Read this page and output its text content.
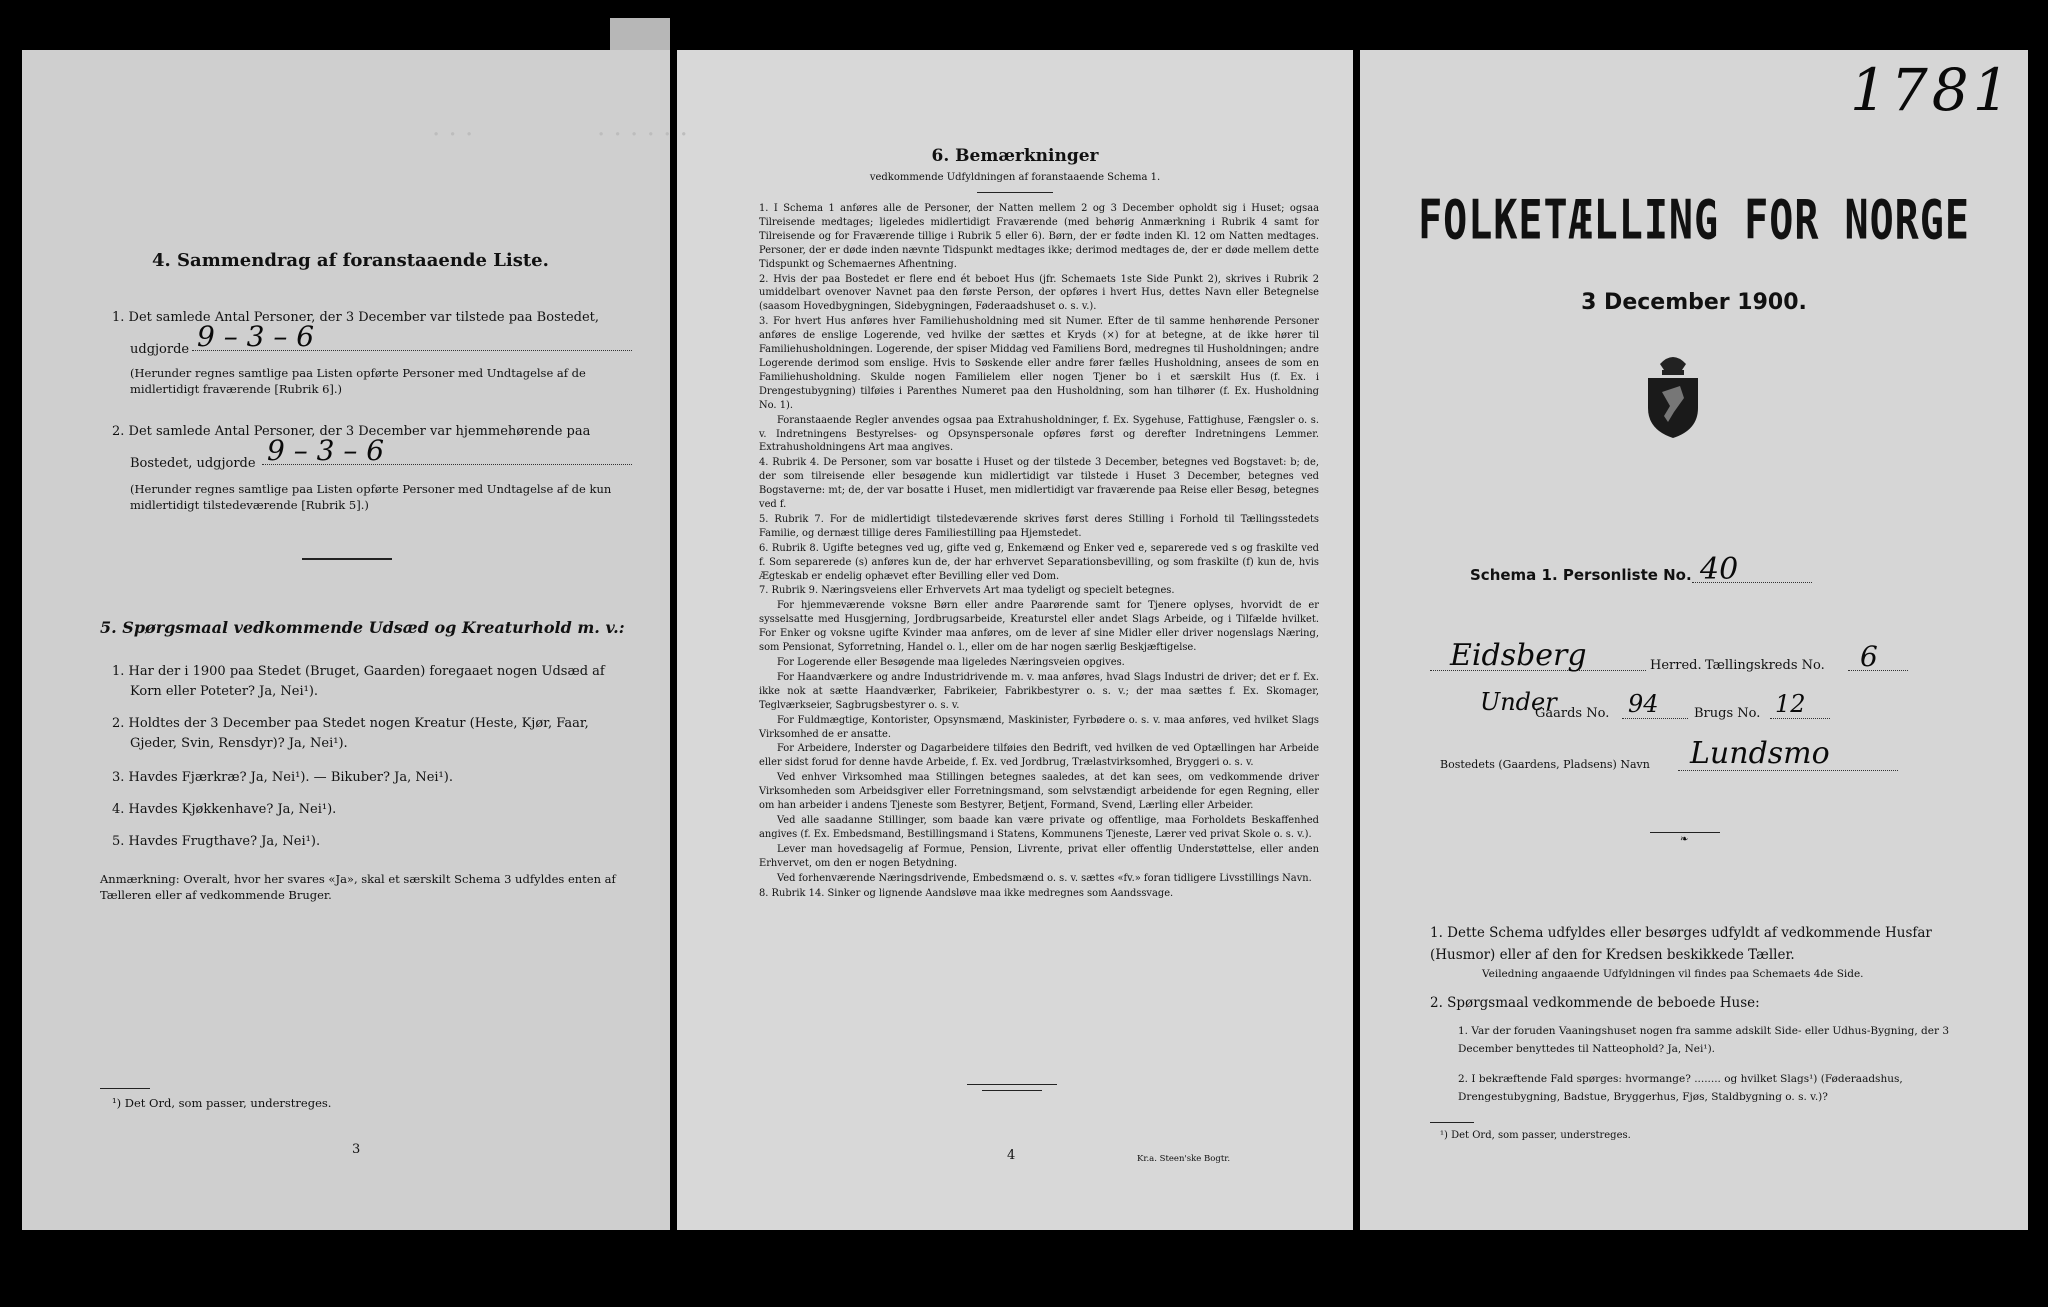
· · ·
4. Sammendrag af foranstaaende Liste.
1. Det samlede Antal Personer, der 3 December var tilstede paa Bostedet,
udgjorde 9 – 3 – 6
(Herunder regnes samtlige paa Listen opførte Personer med Undtagelse af de midlertidigt fraværende [Rubrik 6].)
2. Det samlede Antal Personer, der 3 December var hjemmehørende paa
Bostedet, udgjorde 9 – 3 – 6
(Herunder regnes samtlige paa Listen opførte Personer med Undtagelse af de kun midlertidigt tilstedeværende [Rubrik 5].)
5. Spørgsmaal vedkommende Udsæd og Kreaturhold m. v.:
1. Har der i 1900 paa Stedet (Bruget, Gaarden) foregaaet nogen Udsæd af
Korn eller Poteter? Ja, Nei¹).
2. Holdtes der 3 December paa Stedet nogen Kreatur (Heste, Kjør, Faar,
Gjeder, Svin, Rensdyr)? Ja, Nei¹).
3. Havdes Fjærkræ? Ja, Nei¹). — Bikuber? Ja, Nei¹).
4. Havdes Kjøkkenhave? Ja, Nei¹).
5. Havdes Frugthave? Ja, Nei¹).
Anmærkning: Overalt, hvor her svares «Ja», skal et særskilt Schema 3 udfyldes enten af Tælleren eller af vedkommende Bruger.
¹) Det Ord, som passer, understreges.
3
· · · · · ·
6. Bemærkninger
vedkommende Udfyldningen af foranstaaende Schema 1.
1. I Schema 1 anføres alle de Personer, der Natten mellem 2 og 3 December opholdt sig i Huset; ogsaa Tilreisende medtages; ligeledes midlertidigt Fraværende (med behørig Anmærkning i Rubrik 4 samt for Tilreisende og for Fraværende tillige i Rubrik 5 eller 6). Børn, der er fødte inden Kl. 12 om Natten medtages. Personer, der er døde inden nævnte Tidspunkt medtages ikke; derimod medtages de, der er døde mellem dette Tidspunkt og Schemaernes Afhentning.
2. Hvis der paa Bostedet er flere end ét beboet Hus (jfr. Schemaets 1ste Side Punkt 2), skrives i Rubrik 2 umiddelbart ovenover Navnet paa den første Person, der opføres i hvert Hus, dettes Navn eller Betegnelse (saasom Hovedbygningen, Sidebygningen, Føderaadshuset o. s. v.).
3. For hvert Hus anføres hver Familiehusholdning med sit Numer. Efter de til samme henhørende Personer anføres de enslige Logerende, ved hvilke der sættes et Kryds (×) for at betegne, at de ikke hører til Familiehusholdningen. Logerende, der spiser Middag ved Familiens Bord, medregnes til Husholdningen; andre Logerende derimod som enslige. Hvis to Søskende eller andre fører fælles Husholdning, ansees de som en Familiehusholdning. Skulde nogen Familielem eller nogen Tjener bo i et særskilt Hus (f. Ex. i Drengestubygning) tilføies i Parenthes Numeret paa den Husholdning, som han tilhører (f. Ex. Husholdning No. 1).
Foranstaaende Regler anvendes ogsaa paa Extrahusholdninger, f. Ex. Sygehuse, Fattighuse, Fængsler o. s. v. Indretningens Bestyrelses- og Opsynspersonale opføres først og derefter Indretningens Lemmer. Extrahusholdningens Art maa angives.
4. Rubrik 4. De Personer, som var bosatte i Huset og der tilstede 3 December, betegnes ved Bogstavet: b; de, der som tilreisende eller besøgende kun midlertidigt var tilstede i Huset 3 December, betegnes ved Bogstaverne: mt; de, der var bosatte i Huset, men midlertidigt var fraværende paa Reise eller Besøg, betegnes ved f.
5. Rubrik 7. For de midlertidigt tilstedeværende skrives først deres Stilling i Forhold til Tællingsstedets Familie, og dernæst tillige deres Familiestilling paa Hjemstedet.
6. Rubrik 8. Ugifte betegnes ved ug, gifte ved g, Enkemænd og Enker ved e, separerede ved s og fraskilte ved f. Som separerede (s) anføres kun de, der har erhvervet Separationsbevilling, og som fraskilte (f) kun de, hvis Ægteskab er endelig ophævet efter Bevilling eller ved Dom.
7. Rubrik 9. Næringsveiens eller Erhvervets Art maa tydeligt og specielt betegnes.
For hjemmeværende voksne Børn eller andre Paarørende samt for Tjenere oplyses, hvorvidt de er sysselsatte med Husgjerning, Jordbrugsarbeide, Kreaturstel eller andet Slags Arbeide, og i Tilfælde hvilket. For Enker og voksne ugifte Kvinder maa anføres, om de lever af sine Midler eller driver nogenslags Næring, som Pensionat, Syforretning, Handel o. l., eller om de har nogen særlig Beskjæftigelse.
For Logerende eller Besøgende maa ligeledes Næringsveien opgives.
For Haandværkere og andre Industridrivende m. v. maa anføres, hvad Slags Industri de driver; det er f. Ex. ikke nok at sætte Haandværker, Fabrikeier, Fabrikbestyrer o. s. v.; der maa sættes f. Ex. Skomager, Teglværkseier, Sagbrugsbestyrer o. s. v.
For Fuldmægtige, Kontorister, Opsynsmænd, Maskinister, Fyrbødere o. s. v. maa anføres, ved hvilket Slags Virksomhed de er ansatte.
For Arbeidere, Inderster og Dagarbeidere tilføies den Bedrift, ved hvilken de ved Optællingen har Arbeide eller sidst forud for denne havde Arbeide, f. Ex. ved Jordbrug, Trælastvirksomhed, Bryggeri o. s. v.
Ved enhver Virksomhed maa Stillingen betegnes saaledes, at det kan sees, om vedkommende driver Virksomheden som Arbeidsgiver eller Forretningsmand, som selvstændigt arbeidende for egen Regning, eller om han arbeider i andens Tjeneste som Bestyrer, Betjent, Formand, Svend, Lærling eller Arbeider.
Ved alle saadanne Stillinger, som baade kan være private og offentlige, maa Forholdets Beskaffenhed angives (f. Ex. Embedsmand, Bestillingsmand i Statens, Kommunens Tjeneste, Lærer ved privat Skole o. s. v.).
Lever man hovedsagelig af Formue, Pension, Livrente, privat eller offentlig Understøttelse, eller anden Erhvervet, om den er nogen Betydning.
Ved forhenværende Næringsdrivende, Embedsmænd o. s. v. sættes «fv.» foran tidligere Livsstillings Navn.
8. Rubrik 14. Sinker og lignende Aandsløve maa ikke medregnes som Aandssvage.
4	Kr.a. Steen'ske Bogtr.
1781
FOLKETÆLLING FOR NORGE
3 December 1900.
Schema 1. Personliste No. 40
Eidsberg	Herred. Tællingskreds No. 6
Under
Gaards No. 94	Brugs No. 12
Bostedets (Gaardens, Pladsens) Navn Lundsmo
❧
1. Dette Schema udfyldes eller besørges udfyldt af vedkommende Husfar (Husmor) eller af den for Kredsen beskikkede Tæller.
Veiledning angaaende Udfyldningen vil findes paa Schemaets 4de Side.
2. Spørgsmaal vedkommende de beboede Huse:
1. Var der foruden Vaaningshuset nogen fra samme adskilt Side- eller Udhus-Bygning, der 3 December benyttedes til Natteophold? Ja, Nei¹).
2. I bekræftende Fald spørges: hvormange? ........ og hvilket Slags¹) (Føderaadshus, Drengestubygning, Badstue, Bryggerhus, Fjøs, Staldbygning o. s. v.)?
¹) Det Ord, som passer, understreges.
